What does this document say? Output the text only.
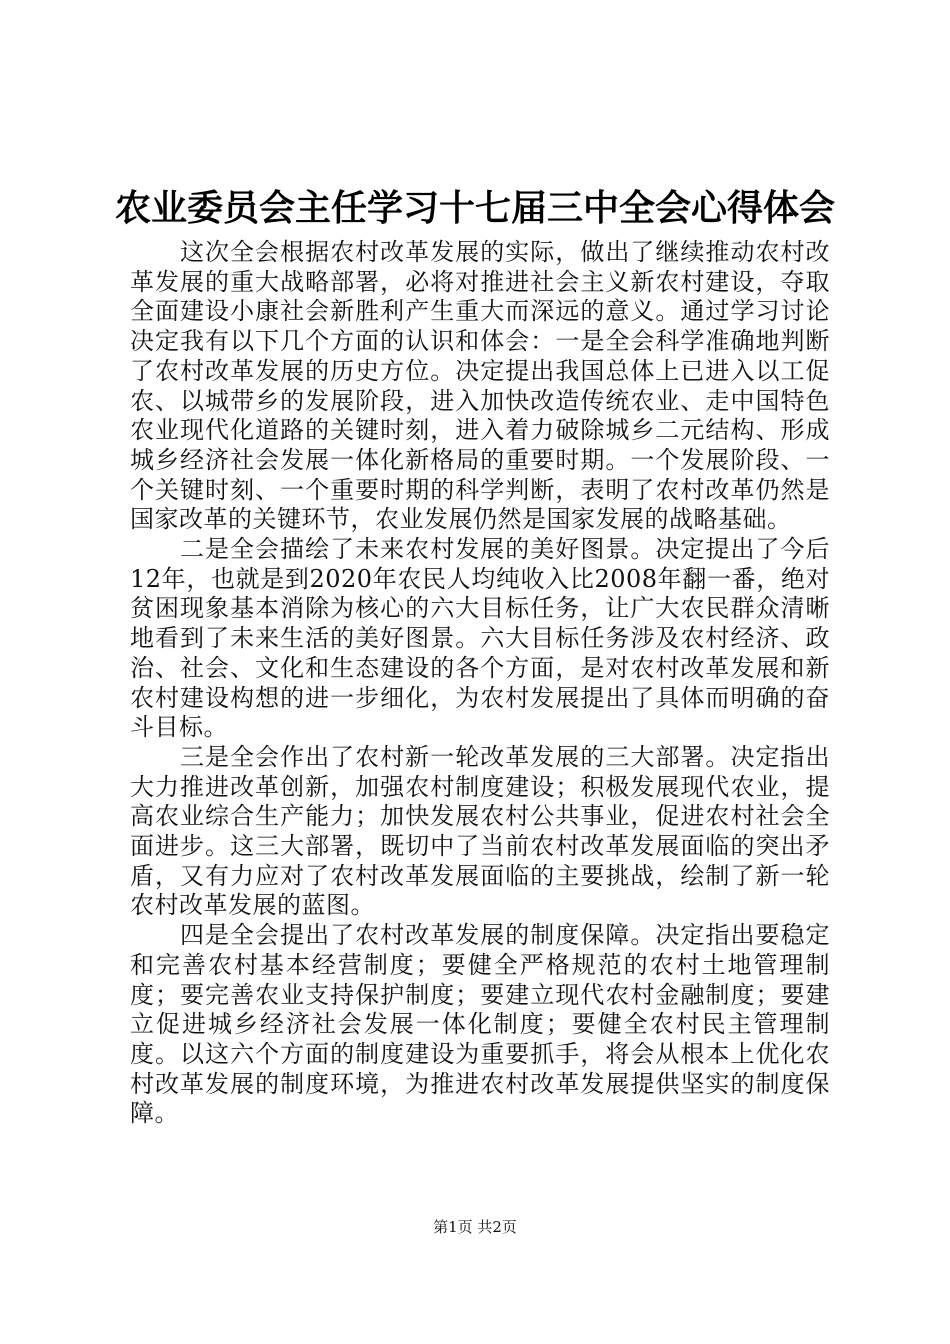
农业委员会主任学习十七届三中全会心得体会

这次全会根据农村改革发展的实际，做出了继续推动农村改革发展的重大战略部署，必将对推进社会主义新农村建设，夺取全面建设小康社会新胜利产生重大而深远的意义。通过学习讨论决定我有以下几个方面的认识和体会：一是全会科学准确地判断了农村改革发展的历史方位。决定提出我国总体上已进入以工促农、以城带乡的发展阶段，进入加快改造传统农业、走中国特色农业现代化道路的关键时刻，进入着力破除城乡二元结构、形成城乡经济社会发展一体化新格局的重要时期。一个发展阶段、一个关键时刻、一个重要时期的科学判断，表明了农村改革仍然是国家改革的关键环节，农业发展仍然是国家发展的战略基础。

二是全会描绘了未来农村发展的美好图景。决定提出了今后12年，也就是到2020年农民人均纯收入比2008年翻一番，绝对贫困现象基本消除为核心的六大目标任务，让广大农民群众清晰地看到了未来生活的美好图景。六大目标任务涉及农村经济、政治、社会、文化和生态建设的各个方面，是对农村改革发展和新农村建设构想的进一步细化，为农村发展提出了具体而明确的奋斗目标。

三是全会作出了农村新一轮改革发展的三大部署。决定指出大力推进改革创新，加强农村制度建设；积极发展现代农业，提高农业综合生产能力；加快发展农村公共事业，促进农村社会全面进步。这三大部署，既切中了当前农村改革发展面临的突出矛盾，又有力应对了农村改革发展面临的主要挑战，绘制了新一轮农村改革发展的蓝图。

四是全会提出了农村改革发展的制度保障。决定指出要稳定和完善农村基本经营制度；要健全严格规范的农村土地管理制度；要完善农业支持保护制度；要建立现代农村金融制度；要建立促进城乡经济社会发展一体化制度；要健全农村民主管理制度。以这六个方面的制度建设为重要抓手，将会从根本上优化农村改革发展的制度环境，为推进农村改革发展提供坚实的制度保障。

第1页 共2页
